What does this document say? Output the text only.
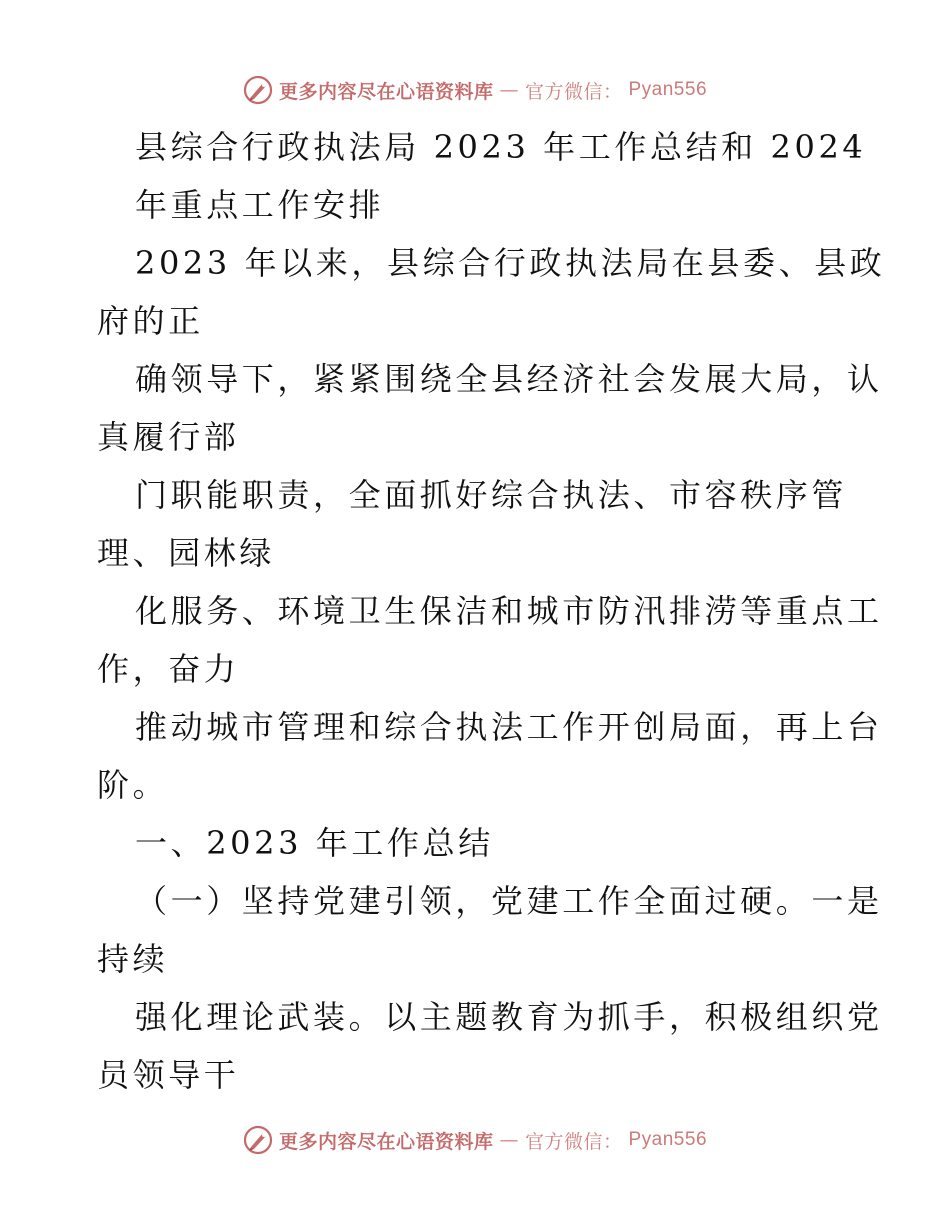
更多内容尽在心语资料库 — 官方微信： Pyan556
县综合行政执法局 2023 年工作总结和 2024
年重点工作安排
2023 年以来，县综合行政执法局在县委、县政
府的正
确领导下，紧紧围绕全县经济社会发展大局，认
真履行部
门职能职责，全面抓好综合执法、市容秩序管
理、园林绿
化服务、环境卫生保洁和城市防汛排涝等重点工
作，奋力
推动城市管理和综合执法工作开创局面，再上台
阶。
一、2023 年工作总结
（一）坚持党建引领，党建工作全面过硬。一是
持续
强化理论武装。以主题教育为抓手，积极组织党
员领导干
更多内容尽在心语资料库 — 官方微信： Pyan556
